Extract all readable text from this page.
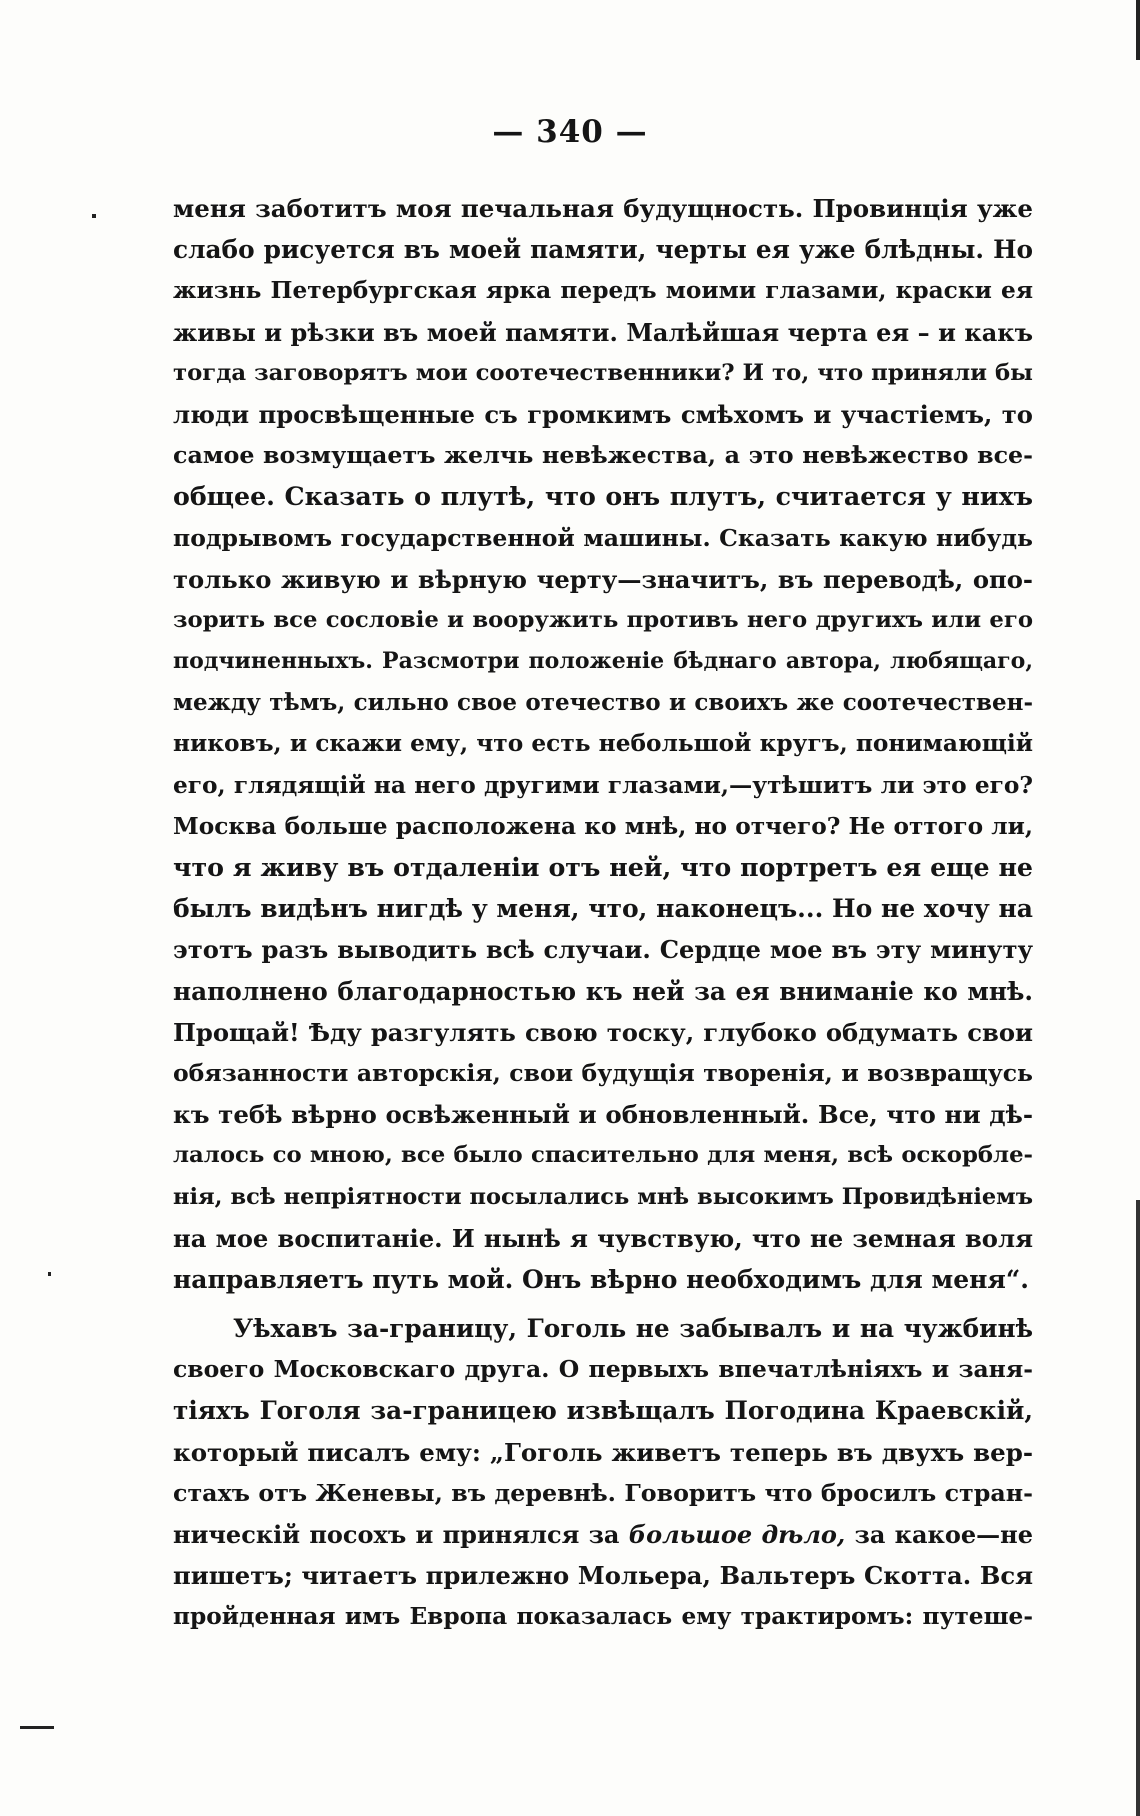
— 340 —
меня заботитъ моя печальная будущность. Провинція уже
слабо рисуется въ моей памяти, черты ея уже блѣдны. Но
жизнь Петербургская ярка передъ моими глазами, краски ея
живы и рѣзки въ моей памяти. Малѣйшая черта ея – и какъ
тогда заговорятъ мои соотечественники? И то, что приняли бы
люди просвѣщенные съ громкимъ смѣхомъ и участіемъ, то
самое возмущаетъ желчь невѣжества, а это невѣжество все-
общее. Сказать о плутѣ, что онъ плутъ, считается у нихъ
подрывомъ государственной машины. Сказать какую нибудь
только живую и вѣрную черту—значитъ, въ переводѣ, опо-
зорить все сословіе и вооружить противъ него другихъ или его
подчиненныхъ. Разсмотри положеніе бѣднаго автора, любящаго,
между тѣмъ, сильно свое отечество и своихъ же соотечествен-
никовъ, и скажи ему, что есть небольшой кругъ, понимающій
его, глядящій на него другими глазами,—утѣшитъ ли это его?
Москва больше расположена ко мнѣ, но отчего? Не оттого ли,
что я живу въ отдаленіи отъ ней, что портретъ ея еще не
былъ видѣнъ нигдѣ у меня, что, наконецъ... Но не хочу на
этотъ разъ выводить всѣ случаи. Сердце мое въ эту минуту
наполнено благодарностью къ ней за ея вниманіе ко мнѣ.
Прощай! Ѣду разгулять свою тоску, глубоко обдумать свои
обязанности авторскія, свои будущія творенія, и возвращусь
къ тебѣ вѣрно освѣженный и обновленный. Все, что ни дѣ-
лалось со мною, все было спасительно для меня, всѣ оскорбле-
нія, всѣ непріятности посылались мнѣ высокимъ Провидѣніемъ
на мое воспитаніе. И нынѣ я чувствую, что не земная воля
направляетъ путь мой. Онъ вѣрно необходимъ для меня“.
Уѣхавъ за-границу, Гоголь не забывалъ и на чужбинѣ
своего Московскаго друга. О первыхъ впечатлѣніяхъ и заня-
тіяхъ Гоголя за-границею извѣщалъ Погодина Краевскій,
который писалъ ему: „Гоголь живетъ теперь въ двухъ вер-
стахъ отъ Женевы, въ деревнѣ. Говоритъ что бросилъ стран-
ническій посохъ и принялся за большое дѣло, за какое—не
пишетъ; читаетъ прилежно Мольера, Вальтеръ Скотта. Вся
пройденная имъ Европа показалась ему трактиромъ: путеше-
